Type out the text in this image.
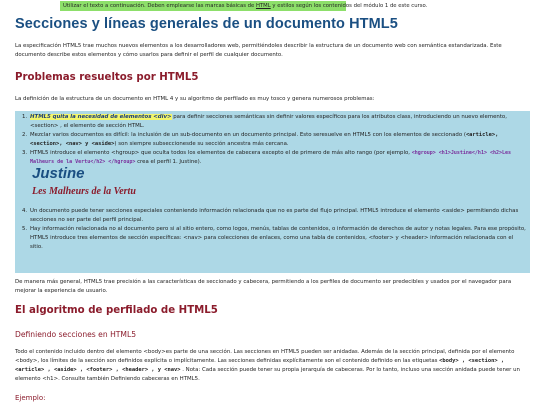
Utilizar el texto a continuación. Deben emplearse las marcas básicas de HTML y estilos según los contenidos del módulo 1 de este curso.
Secciones y líneas generales de un documento HTML5

La especificación HTML5 trae muchos nuevos elementos a los desarrolladores web, permitiéndoles describir la estructura de un documento web con semántica estandarizada. Este documento describe estos elementos y cómo usarlos para definir el perfil de cualquier documento.

Problemas resueltos por HTML5

La definición de la estructura de un documento en HTML 4 y su algoritmo de perfilado es muy tosco y genera numerosos problemas:

1. HTML5 quita la necesidad de elementos <div> para definir secciones semánticas sin definir valores específicos para los atributos class, introduciendo un nuevo elemento, <section> , el elemento de sección HTML.
2. Mezclar varios documentos es difícil: la inclusión de un sub-documento en un documento principal. Esto seresuelve en HTML5 con los elementos de seccionado (<article>, <section>, <nav> y <aside>) son siempre subseccionesde su sección ancestra más cercana.
3. HTML5 introduce el elemento <hgroup> que oculta todos los elementos de cabecera excepto el de primero de más alto rango (por ejemplo, <hgroup> <h1>Justine</h1> <h2>Les Malheurs de la Vertu</h2> </hgroup> crea el perfil 1. Justine).
Justine
Les Malheurs de la Vertu
4. Un documento puede tener secciones especiales conteniendo información relacionada que no es parte del flujo principal. HTML5 introduce el elemento <aside> permitiendo dichas secciones no ser parte del perfil principal.
5. Hay información relacionada no al documento pero si al sitio entero, como logos, menús, tablas de contenidos, o información de derechos de autor y notas legales. Para ese propósito, HTML5 introduce tres elementos de sección específicas: <nav> para colecciones de enlaces, como una tabla de contenidos, <footer> y <header> información relacionada con el sitio.

De manera más general, HTML5 trae precisión a las características de seccionado y cabecera, permitiendo a los perfiles de documento ser predecibles y usados por el navegador para mejorar la experiencia de usuario.

El algoritmo de perfilado de HTML5
Definiendo secciones en HTML5

Todo el contenido incluido dentro del elemento <body>es parte de una sección. Las secciones en HTML5 pueden ser anidadas. Además de la sección principal, definida por el elemento <body>, los límites de la sección son definidos explícita o implícitamente. Las secciones definidas explícitamente son el contenido definido en las etiquetas <body> , <section> , <article> , <aside> , <footer> , <header> , y <nav> . Nota: Cada sección puede tener su propia jerarquía de cabeceras. Por lo tanto, incluso una sección anidada puede tener un elemento <h1>. Consulte también Definiendo cabeceras en HTML5.

Ejemplo:
